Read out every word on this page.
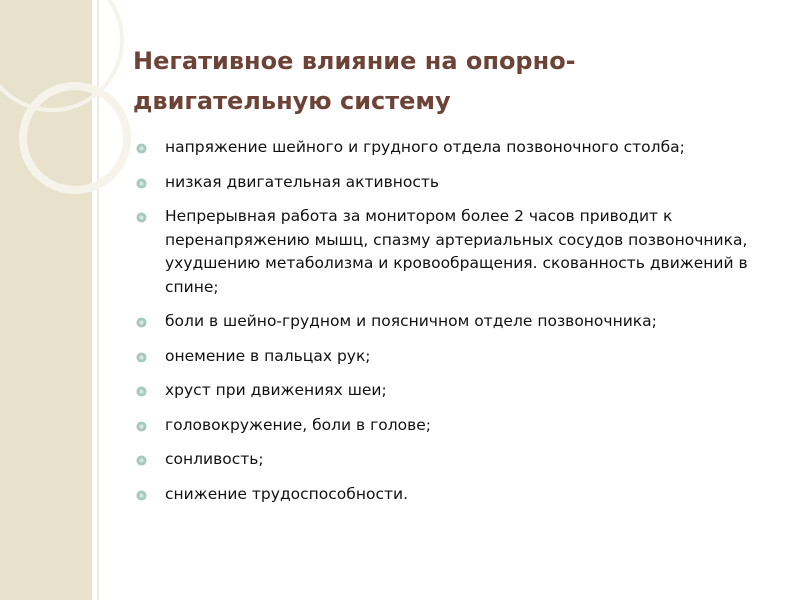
Негативное влияние на опорно-двигательную систему
напряжение шейного и грудного отдела позвоночного столба;
низкая двигательная активность
Непрерывная работа за монитором более 2 часов приводит к перенапряжению мышц, спазму артериальных сосудов позвоночника, ухудшению метаболизма и кровообращения. скованность движений в спине;
боли в шейно-грудном и поясничном отделе позвоночника;
онемение в пальцах рук;
хруст при движениях шеи;
головокружение, боли в голове;
сонливость;
снижение трудоспособности.
